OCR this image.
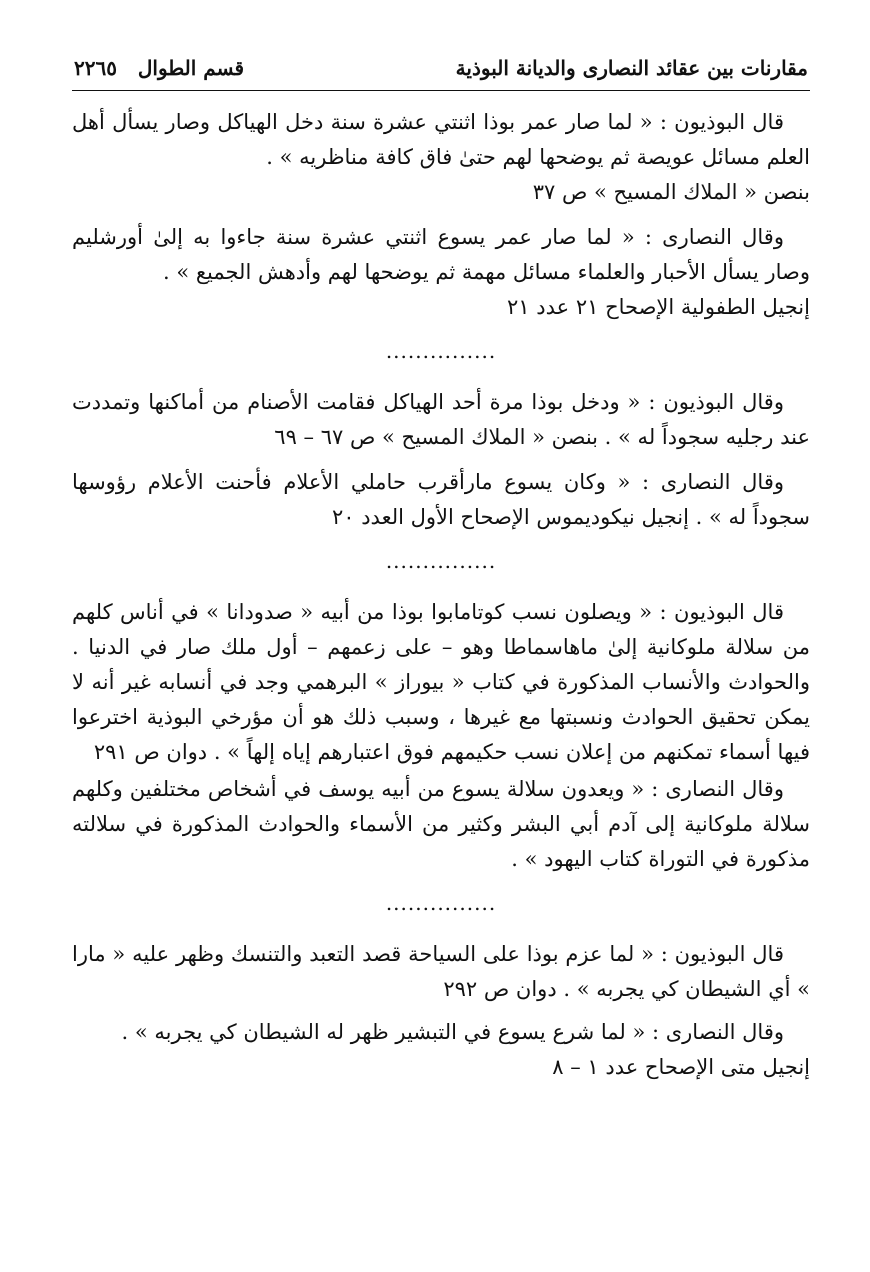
مقارنات بين عقائد النصارى والديانة البوذية
قسم الطوال   ٢٢٦٥

قال البوذيون : « لما صار عمر بوذا اثنتي عشرة سنة دخل الهياكل وصار يسأل أهل العلم مسائل عويصة ثم يوضحها لهم حتىٰ فاق كافة مناظريه » .

بنصن « الملاك المسيح » ص ٣٧

وقال النصارى : « لما صار عمر يسوع اثنتي عشرة سنة جاءوا به إلىٰ أورشليم وصار يسأل الأحبار والعلماء مسائل مهمة ثم يوضحها لهم وأدهش الجميع » .

إنجيل الطفولية الإصحاح ٢١ عدد ٢١

...............

وقال البوذيون : « ودخل بوذا مرة أحد الهياكل فقامت الأصنام من أماكنها وتمددت عند رجليه سجوداً له » . بنصن « الملاك المسيح » ص ٦٧ – ٦٩

وقال النصارى : « وكان يسوع مارأقرب حاملي الأعلام فأحنت الأعلام رؤوسها سجوداً له » . إنجيل نيكوديموس الإصحاح الأول العدد ٢٠

...............

قال البوذيون : « ويصلون نسب كوتامابوا بوذا من أبيه « صدودانا » في أناس كلهم من سلالة ملوكانية إلىٰ ماهاسماطا وهو – على زعمهم – أول ملك صار في الدنيا . والحوادث والأنساب المذكورة في كتاب « بيوراز » البرهمي وجد في أنسابه غير أنه لا يمكن تحقيق الحوادث ونسبتها مع غيرها ، وسبب ذلك هو أن مؤرخي البوذية اخترعوا فيها أسماء تمكنهم من إعلان نسب حكيمهم فوق اعتبارهم إياه إلهاً » . دوان ص ٢٩١

وقال النصارى : « ويعدون سلالة يسوع من أبيه يوسف في أشخاص مختلفين وكلهم سلالة ملوكانية إلى آدم أبي البشر وكثير من الأسماء والحوادث المذكورة في سلالته مذكورة في التوراة كتاب اليهود » .

...............

قال البوذيون : « لما عزم بوذا على السياحة قصد التعبد والتنسك وظهر عليه « مارا » أي الشيطان كي يجربه » . دوان ص ٢٩٢

وقال النصارى : « لما شرع يسوع في التبشير ظهر له الشيطان كي يجربه » .

إنجيل متى الإصحاح عدد ١ – ٨
